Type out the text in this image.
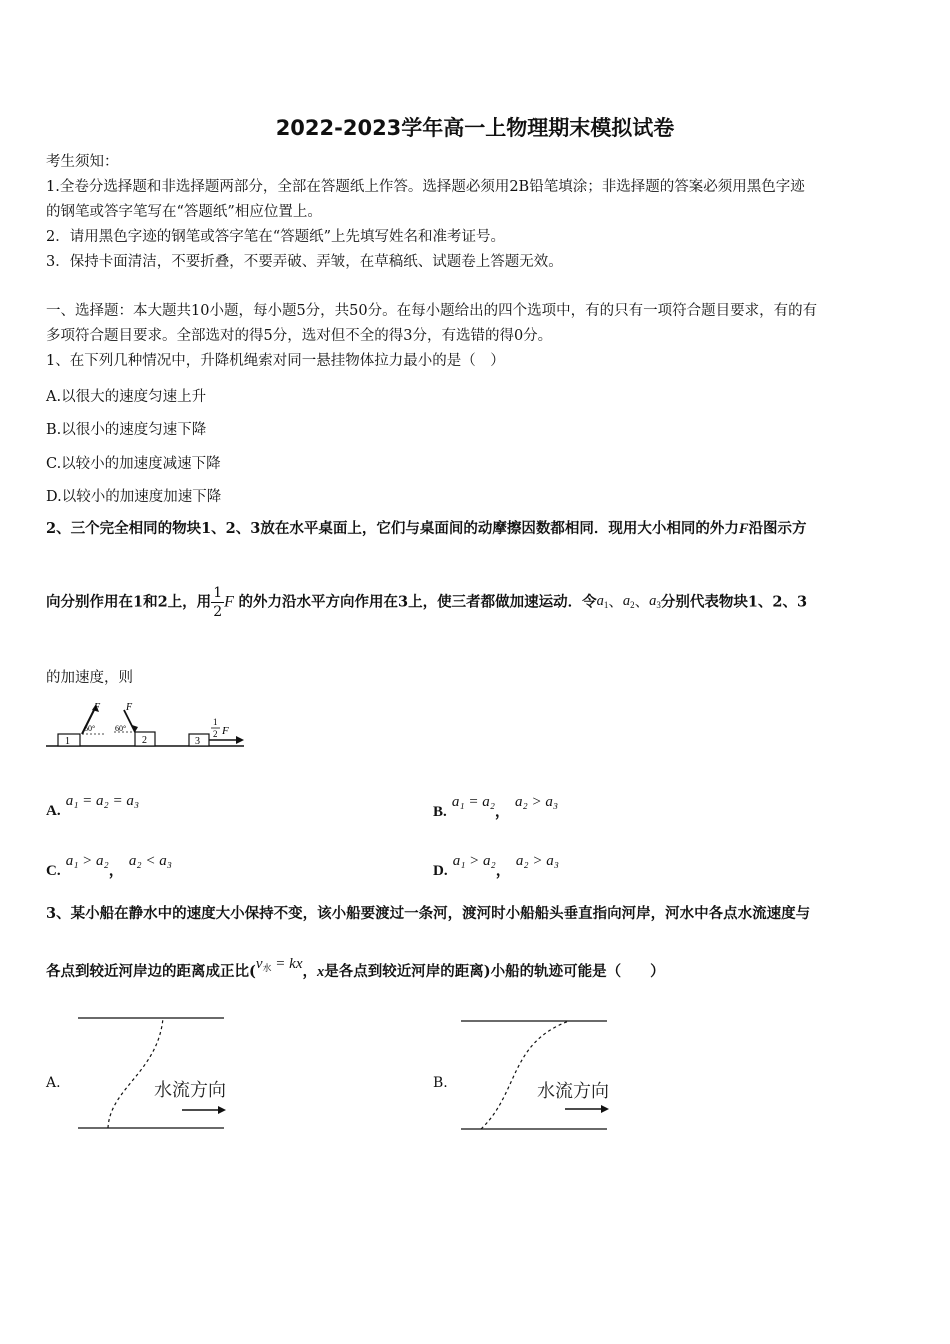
2022-2023学年高一上物理期末模拟试卷
考生须知：
1.全卷分选择题和非选择题两部分，全部在答题纸上作答。选择题必须用2B铅笔填涂；非选择题的答案必须用黑色字迹
的钢笔或答字笔写在“答题纸”相应位置上。
2．请用黑色字迹的钢笔或答字笔在“答题纸”上先填写姓名和准考证号。
3．保持卡面清洁，不要折叠，不要弄破、弄皱，在草稿纸、试题卷上答题无效。
一、选择题：本大题共10小题，每小题5分，共50分。在每小题给出的四个选项中，有的只有一项符合题目要求，有的有
多项符合题目要求。全部选对的得5分，选对但不全的得3分，有选错的得0分。
1、在下列几种情况中，升降机绳索对同一悬挂物体拉力最小的是（　）
A.以很大的速度匀速上升
B.以很小的速度匀速下降
C.以较小的加速度减速下降
D.以较小的加速度加速下降
2、三个完全相同的物块1、2、3放在水平桌面上，它们与桌面间的动摩擦因数都相同．现用大小相同的外力F沿图示方
向分别作用在1和2上，用 $\frac{1}{2}$ F 的外力沿水平方向作用在3上，使三者都做加速运动．令$a_1$、$a_2$、$a_3$分别代表物块1、2、3
的加速度，则
1
F
60°
2
F
60°
3
1
2 F
A. a₁ = a₂ = a₃
B. a₁ = a₂， a₂ > a₃
C. a₁ > a₂， a₂ < a₃
D. a₁ > a₂， a₂ > a₃
3、某小船在静水中的速度大小保持不变，该小船要渡过一条河，渡河时小船船头垂直指向河岸，河水中各点水流速度与
各点到较近河岸边的距离成正比($v_水$ = kx，x是各点到较近河岸的距离)小船的轨迹可能是（　　）
A.	水流方向	B.	水流方向
